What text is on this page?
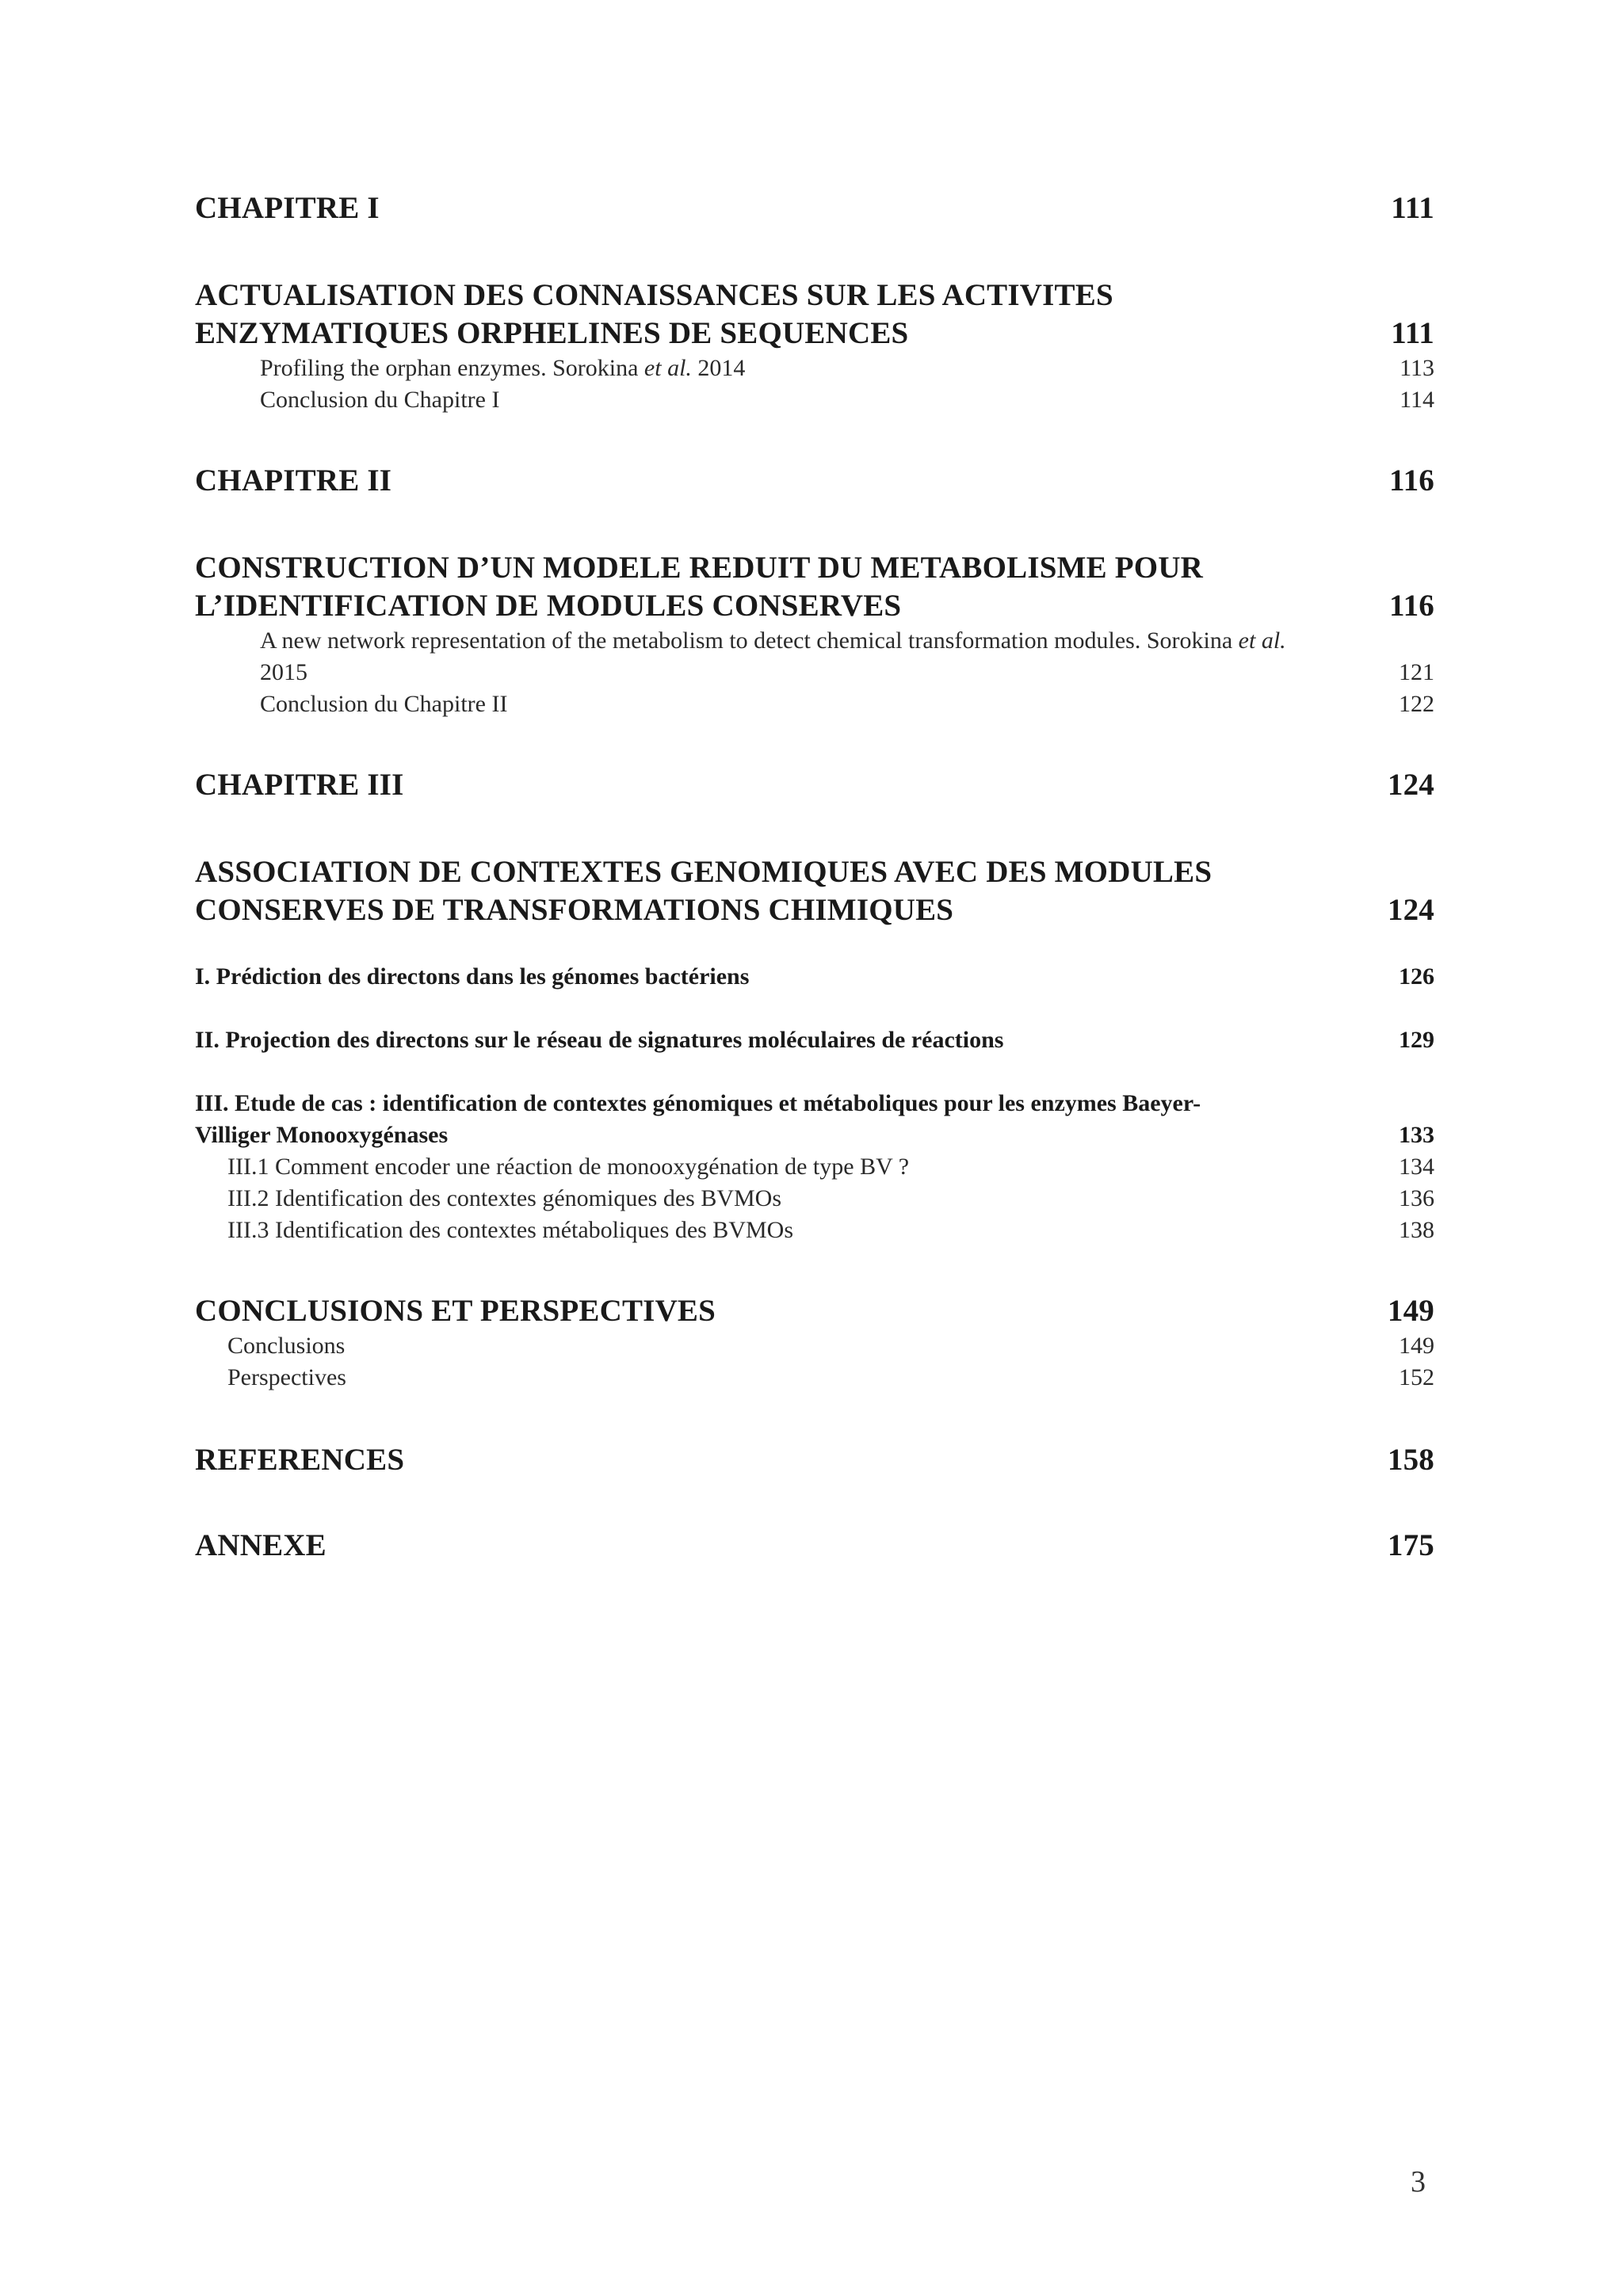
CHAPITRE I	111
ACTUALISATION DES CONNAISSANCES SUR LES ACTIVITES
ENZYMATIQUES ORPHELINES DE SEQUENCES	111
Profiling the orphan enzymes. Sorokina et al. 2014	113
Conclusion du Chapitre I	114
CHAPITRE II	116
CONSTRUCTION D’UN MODELE REDUIT DU METABOLISME POUR
L’IDENTIFICATION DE MODULES CONSERVES	116
A new network representation of the metabolism to detect chemical transformation modules. Sorokina et al.
2015	121
Conclusion du Chapitre II	122
CHAPITRE III	124
ASSOCIATION DE CONTEXTES GENOMIQUES AVEC DES MODULES
CONSERVES DE TRANSFORMATIONS CHIMIQUES	124
I. Prédiction des directons dans les génomes bactériens	126
II. Projection des directons sur le réseau de signatures moléculaires de réactions	129
III. Etude de cas : identification de contextes génomiques et métaboliques pour les enzymes Baeyer-
Villiger Monooxygénases	133
III.1 Comment encoder une réaction de monooxygénation de type BV ?	134
III.2 Identification des contextes génomiques des BVMOs	136
III.3 Identification des contextes métaboliques des BVMOs	138
CONCLUSIONS ET PERSPECTIVES	149
Conclusions	149
Perspectives	152
REFERENCES	158
ANNEXE	175
3
